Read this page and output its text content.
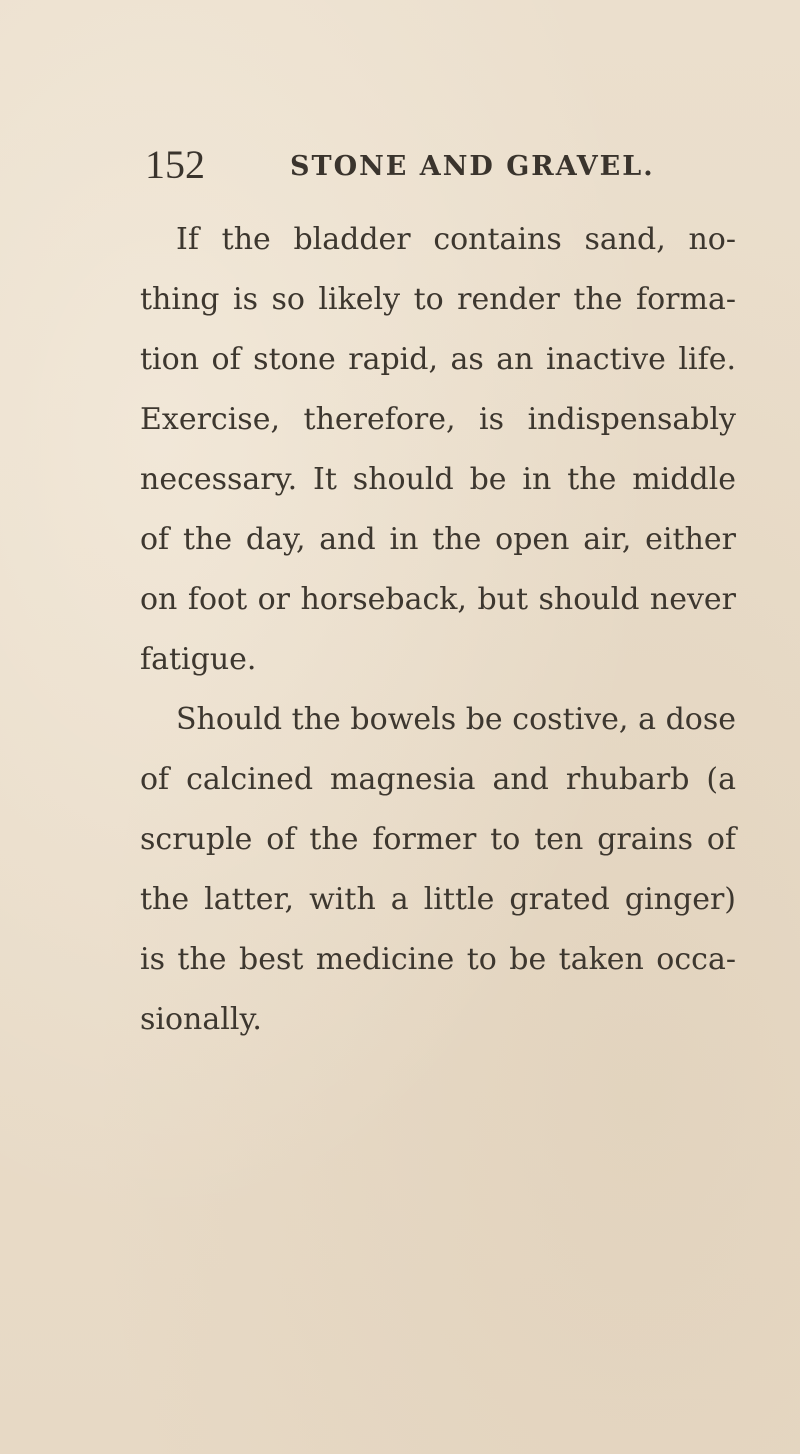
152	STONE AND GRAVEL.
If the bladder contains sand, no-
thing is so likely to render the forma-
tion of stone rapid, as an inactive life.
Exercise, therefore, is indispensably
necessary. It should be in the middle
of the day, and in the open air, either
on foot or horseback, but should never
fatigue.
Should the bowels be costive, a dose
of calcined magnesia and rhubarb (a
scruple of the former to ten grains of
the latter, with a little grated ginger)
is the best medicine to be taken occa-
sionally.
